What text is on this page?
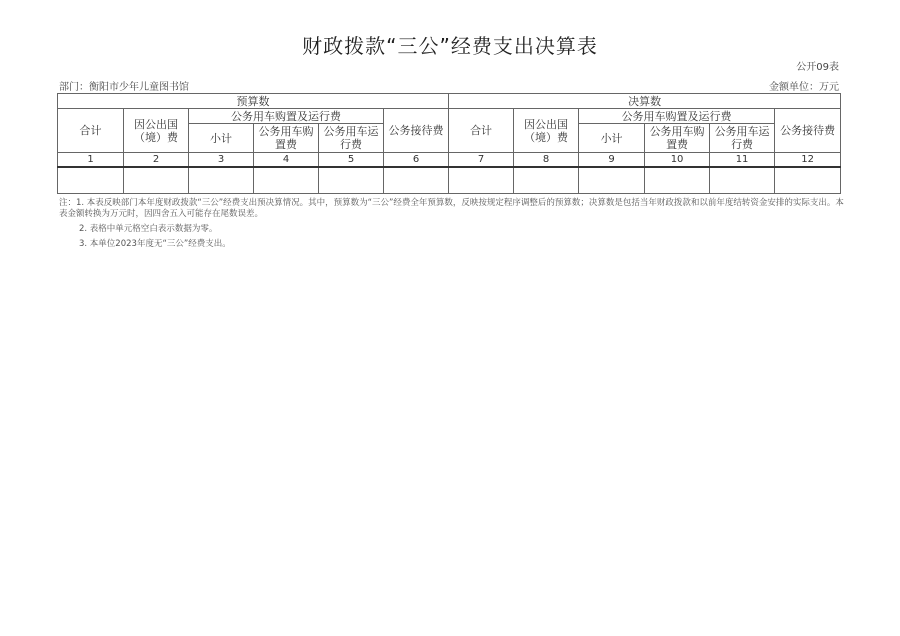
财政拨款“三公”经费支出决算表
公开09表
部门：衡阳市少年儿童图书馆	金额单位：万元
预算数						决算数					
合计	因公出国（境）费	公务用车购置及运行费			公务接待费	合计	因公出国（境）费	公务用车购置及运行费			公务接待费
		小计	公务用车购置费	公务用车运行费				小计	公务用车购置费	公务用车运行费	
1	2	3	4	5	6	7	8	9	10	11	12

注：1. 本表反映部门本年度财政拨款“三公”经费支出预决算情况。其中，预算数为“三公”经费全年预算数，反映按规定程序调整后的预算数；决算数是包括当年财政拨款和以前年度结转资金安排的实际支出。本表金额转换为万元时，因四舍五入可能存在尾数误差。

2. 表格中单元格空白表示数据为零。

3. 本单位2023年度无“三公”经费支出。
